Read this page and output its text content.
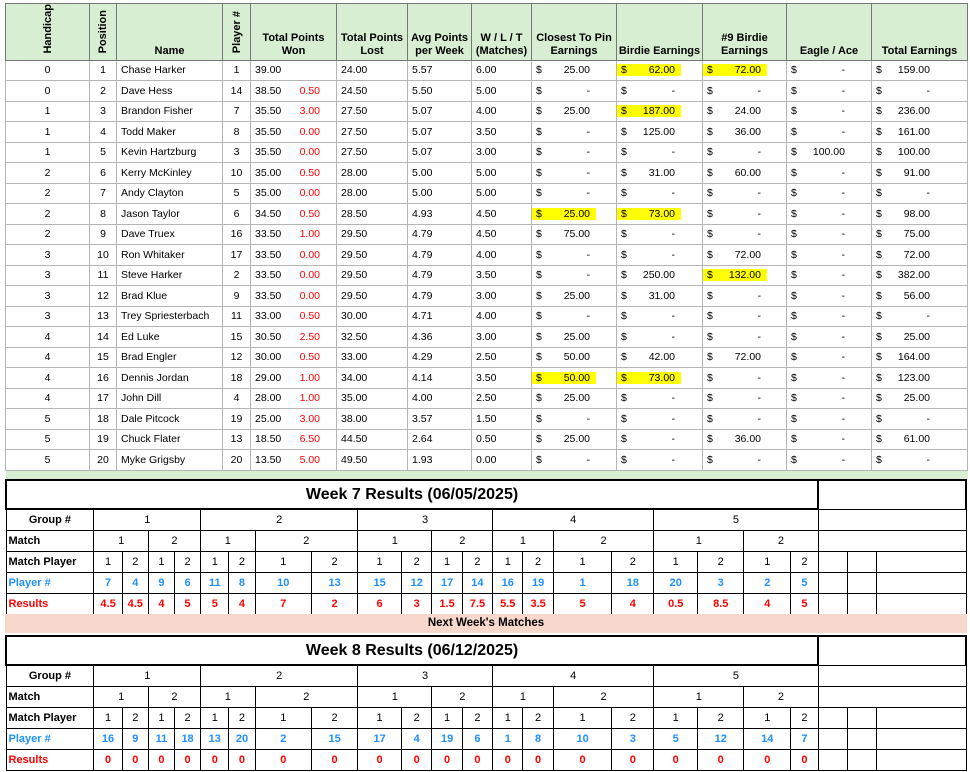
Handicap	Position	Name	Player #	Total Points Won	Total Points Lost	Avg Points per Week	W / L / T (Matches)	Closest To Pin Earnings	Birdie Earnings	#9 Birdie Earnings	Eagle / Ace	Total Earnings
0	1	Chase Harker	1	39.00	24.00	5.57	6.00	$ 25.00	$ 62.00	$ 72.00	$ -	$ 159.00

0	2	Dave Hess	14	38.50 0.50	24.50	5.50	5.00	$ -	$ -	$ -	$ -	$ -

1	3	Brandon Fisher	7	35.50 3.00	27.50	5.07	4.00	$ 25.00	$ 187.00	$ 24.00	$ -	$ 236.00

1	4	Todd Maker	8	35.50 0.00	27.50	5.07	3.50	$ -	$ 125.00	$ 36.00	$ -	$ 161.00

1	5	Kevin Hartzburg	3	35.50 0.00	27.50	5.07	3.00	$ -	$ -	$ -	$ 100.00	$ 100.00

2	6	Kerry McKinley	10	35.00 0.50	28.00	5.00	5.00	$ -	$ 31.00	$ 60.00	$ -	$ 91.00

2	7	Andy Clayton	5	35.00 0.00	28.00	5.00	5.00	$ -	$ -	$ -	$ -	$ -

2	8	Jason Taylor	6	34.50 0.50	28.50	4.93	4.50	$ 25.00	$ 73.00	$ -	$ -	$ 98.00

2	9	Dave Truex	16	33.50 1.00	29.50	4.79	4.50	$ 75.00	$ -	$ -	$ -	$ 75.00

3	10	Ron Whitaker	17	33.50 0.00	29.50	4.79	4.00	$ -	$ -	$ 72.00	$ -	$ 72.00

3	11	Steve Harker	2	33.50 0.00	29.50	4.79	3.50	$ -	$ 250.00	$ 132.00	$ -	$ 382.00

3	12	Brad Klue	9	33.50 0.00	29.50	4.79	3.00	$ 25.00	$ 31.00	$ -	$ -	$ 56.00

3	13	Trey Spriesterbach	11	33.00 0.50	30.00	4.71	4.00	$ -	$ -	$ -	$ -	$ -

4	14	Ed Luke	15	30.50 2.50	32.50	4.36	3.00	$ 25.00	$ -	$ -	$ -	$ 25.00

4	15	Brad Engler	12	30.00 0.50	33.00	4.29	2.50	$ 50.00	$ 42.00	$ 72.00	$ -	$ 164.00

4	16	Dennis Jordan	18	29.00 1.00	34.00	4.14	3.50	$ 50.00	$ 73.00	$ -	$ -	$ 123.00

4	17	John Dill	4	28.00 1.00	35.00	4.00	2.50	$ 25.00	$ -	$ -	$ -	$ 25.00

5	18	Dale Pitcock	19	25.00 3.00	38.00	3.57	1.50	$ -	$ -	$ -	$ -	$ -

5	19	Chuck Flater	13	18.50 6.50	44.50	2.64	0.50	$ 25.00	$ -	$ 36.00	$ -	$ 61.00

5	20	Myke Grigsby	20	13.50 5.00	49.50	1.93	0.00	$ -	$ -	$ -	$ -	$ -

Week 7 Results (06/05/2025)																							
Group #	1				2				3				4				5						
Match	1		2		1		2		1		2		1		2		1		2				
Match Player	1	2	1	2	1	2	1	2	1	2	1	2	1	2	1	2	1	2	1	2			
Player #	7	4	9	6	11	8	10	13	15	12	17	14	16	19	1	18	20	3	2	5			
Results	4.5	4.5	4	5	5	4	7	2	6	3	1.5	7.5	5.5	3.5	5	4	0.5	8.5	4	5			
Next Week's Matches
Week 8 Results (06/12/2025)																							
Group #	1				2				3				4				5						
Match	1		2		1		2		1		2		1		2		1		2				
Match Player	1	2	1	2	1	2	1	2	1	2	1	2	1	2	1	2	1	2	1	2			
Player #	16	9	11	18	13	20	2	15	17	4	19	6	1	8	10	3	5	12	14	7			
Results	0	0	0	0	0	0	0	0	0	0	0	0	0	0	0	0	0	0	0	0			
